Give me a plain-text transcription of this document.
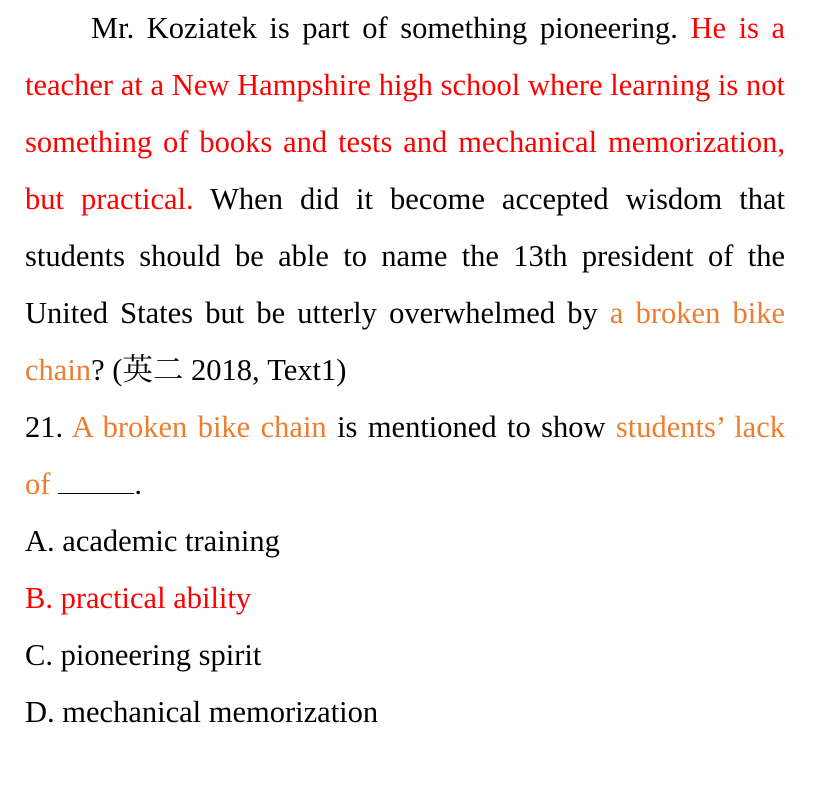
Mr. Koziatek is part of something pioneering. He is a teacher at a New Hampshire high school where learning is not something of books and tests and mechanical memorization, but practical. When did it become accepted wisdom that students should be able to name the 13th president of the United States but be utterly overwhelmed by a broken bike chain? (英二 2018, Text1)

21. A broken bike chain is mentioned to show students’ lack of	.

A. academic training
B. practical ability
C. pioneering spirit
D. mechanical memorization
